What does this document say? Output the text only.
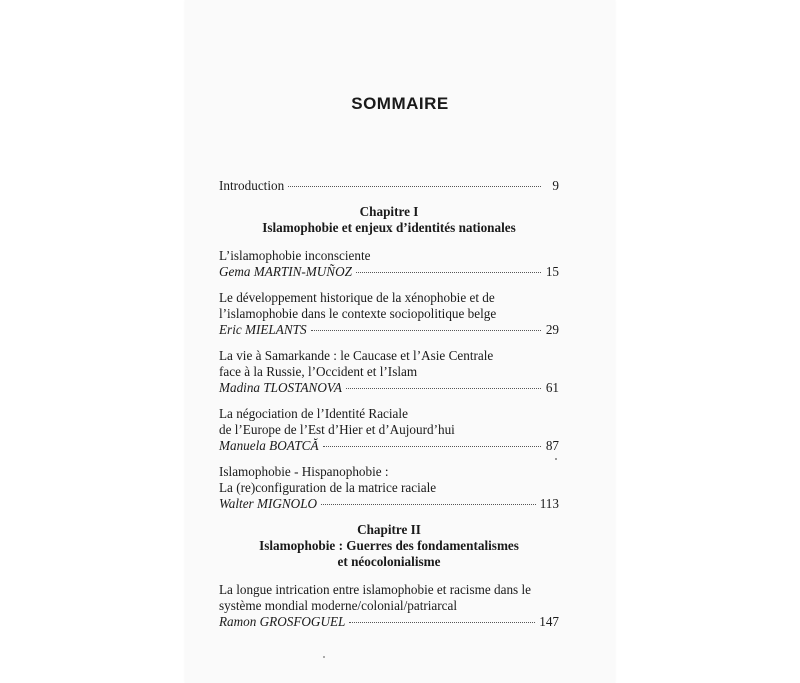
SOMMAIRE
Introduction	9
Chapitre I
Islamophobie et enjeux d’identités nationales
L’islamophobie inconsciente
Gema MARTIN-MUÑOZ	15
Le développement historique de la xénophobie et de
l’islamophobie dans le contexte sociopolitique belge
Eric MIELANTS	29
La vie à Samarkande : le Caucase et l’Asie Centrale
face à la Russie, l’Occident et l’Islam
Madina TLOSTANOVA	61
La négociation de l’Identité Raciale
de l’Europe de l’Est d’Hier et d’Aujourd’hui
Manuela BOATCĂ	87
Islamophobie - Hispanophobie :
La (re)configuration de la matrice raciale
Walter MIGNOLO	113
Chapitre II
Islamophobie : Guerres des fondamentalismes
et néocolonialisme
La longue intrication entre islamophobie et racisme dans le
système mondial moderne/colonial/patriarcal
Ramon GROSFOGUEL	147
